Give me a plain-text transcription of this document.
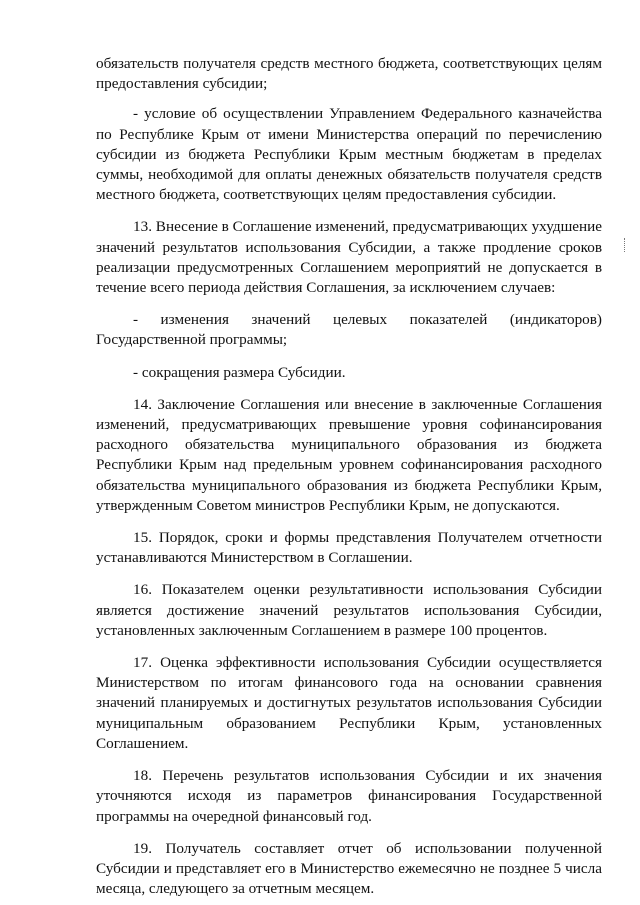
обязательств получателя средств местного бюджета, соответствующих целям предоставления субсидии;

- условие об осуществлении Управлением Федерального казначейства по Республике Крым от имени Министерства операций по перечислению субсидии из бюджета Республики Крым местным бюджетам в пределах суммы, необходимой для оплаты денежных обязательств получателя средств местного бюджета, соответствующих целям предоставления субсидии.

13. Внесение в Соглашение изменений, предусматривающих ухудшение значений результатов использования Субсидии, а также продление сроков реализации предусмотренных Соглашением мероприятий не допускается в течение всего периода действия Соглашения, за исключением случаев:

- изменения значений целевых показателей (индикаторов) Государственной программы;

- сокращения размера Субсидии.

14. Заключение Соглашения или внесение в заключенные Соглашения изменений, предусматривающих превышение уровня софинансирования расходного обязательства муниципального образования из бюджета Республики Крым над предельным уровнем софинансирования расходного обязательства муниципального образования из бюджета Республики Крым, утвержденным Советом министров Республики Крым, не допускаются.

15. Порядок, сроки и формы представления Получателем отчетности устанавливаются Министерством в Соглашении.

16. Показателем оценки результативности использования Субсидии является достижение значений результатов использования Субсидии, установленных заключенным Соглашением в размере 100 процентов.

17. Оценка эффективности использования Субсидии осуществляется Министерством по итогам финансового года на основании сравнения значений планируемых и достигнутых результатов использования Субсидии муниципальным образованием Республики Крым, установленных Соглашением.

18. Перечень результатов использования Субсидии и их значения уточняются исходя из параметров финансирования Государственной программы на очередной финансовый год.

19. Получатель составляет отчет об использовании полученной Субсидии и представляет его в Министерство ежемесячно не позднее 5 числа месяца, следующего за отчетным месяцем.
